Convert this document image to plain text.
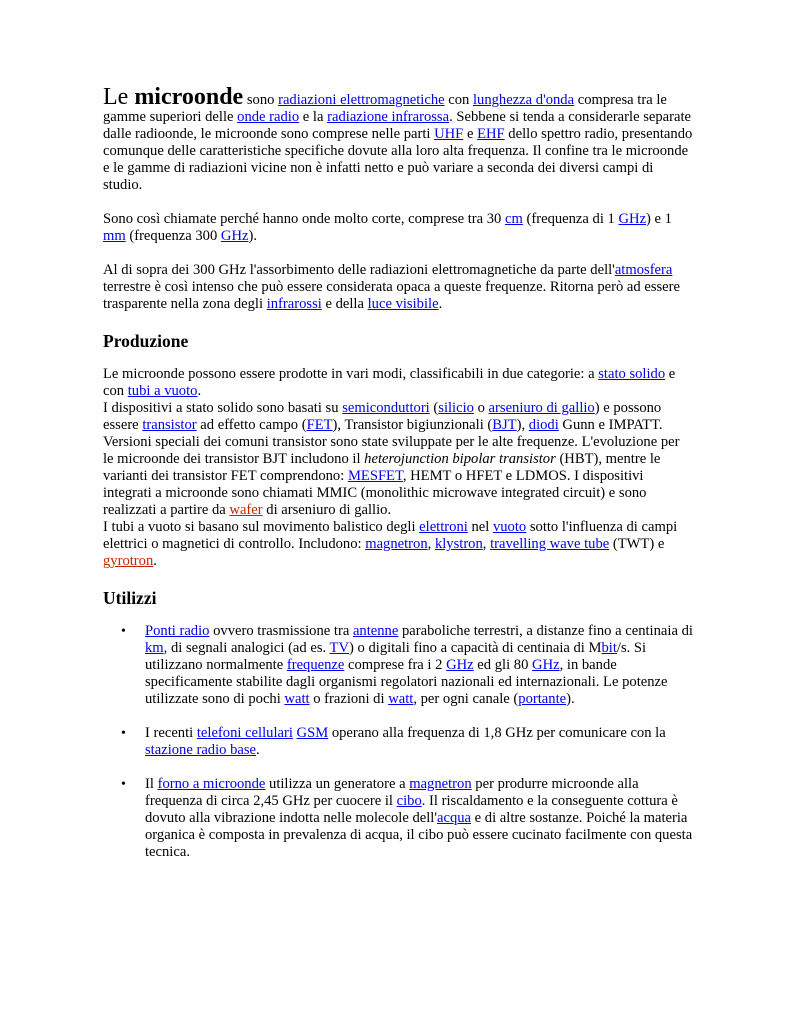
Le microonde sono radiazioni elettromagnetiche con lunghezza d'onda compresa tra le gamme superiori delle onde radio e la radiazione infrarossa. Sebbene si tenda a considerarle separate dalle radioonde, le microonde sono comprese nelle parti UHF e EHF dello spettro radio, presentando comunque delle caratteristiche specifiche dovute alla loro alta frequenza. Il confine tra le microonde e le gamme di radiazioni vicine non è infatti netto e può variare a seconda dei diversi campi di studio.

Sono così chiamate perché hanno onde molto corte, comprese tra 30 cm (frequenza di 1 GHz) e 1 mm (frequenza 300 GHz).

Al di sopra dei 300 GHz l'assorbimento delle radiazioni elettromagnetiche da parte dell'atmosfera terrestre è così intenso che può essere considerata opaca a queste frequenze. Ritorna però ad essere trasparente nella zona degli infrarossi e della luce visibile.

Produzione

Le microonde possono essere prodotte in vari modi, classificabili in due categorie: a stato solido e con tubi a vuoto.
I dispositivi a stato solido sono basati su semiconduttori (silicio o arseniuro di gallio) e possono essere transistor ad effetto campo (FET), Transistor bigiunzionali (BJT), diodi Gunn e IMPATT. Versioni speciali dei comuni transistor sono state sviluppate per le alte frequenze. L'evoluzione per le microonde dei transistor BJT includono il heterojunction bipolar transistor (HBT), mentre le varianti dei transistor FET comprendono: MESFET, HEMT o HFET e LDMOS. I dispositivi integrati a microonde sono chiamati MMIC (monolithic microwave integrated circuit) e sono realizzati a partire da wafer di arseniuro di gallio.
I tubi a vuoto si basano sul movimento balistico degli elettroni nel vuoto sotto l'influenza di campi elettrici o magnetici di controllo. Includono: magnetron, klystron, travelling wave tube (TWT) e gyrotron.

Utilizzi
• Ponti radio ovvero trasmissione tra antenne paraboliche terrestri, a distanze fino a centinaia di km, di segnali analogici (ad es. TV) o digitali fino a capacità di centinaia di Mbit/s. Si utilizzano normalmente frequenze comprese fra i 2 GHz ed gli 80 GHz, in bande specificamente stabilite dagli organismi regolatori nazionali ed internazionali. Le potenze utilizzate sono di pochi watt o frazioni di watt, per ogni canale (portante).
• I recenti telefoni cellulari GSM operano alla frequenza di 1,8 GHz per comunicare con la stazione radio base.
• Il forno a microonde utilizza un generatore a magnetron per produrre microonde alla frequenza di circa 2,45 GHz per cuocere il cibo. Il riscaldamento e la conseguente cottura è dovuto alla vibrazione indotta nelle molecole dell'acqua e di altre sostanze. Poiché la materia organica è composta in prevalenza di acqua, il cibo può essere cucinato facilmente con questa tecnica.
